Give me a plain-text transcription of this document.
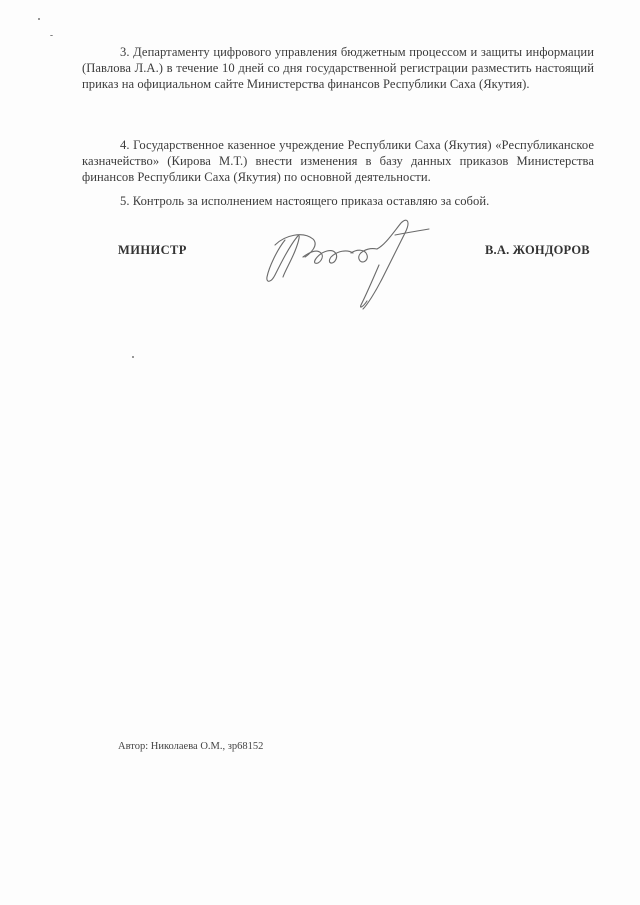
3. Департаменту цифрового управления бюджетным процессом и защиты информации (Павлова Л.А.) в течение 10 дней со дня государственной регистрации разместить настоящий приказ на официальном сайте Министерства финансов Республики Саха (Якутия).
4. Государственное казенное учреждение Республики Саха (Якутия) «Республиканское казначейство» (Кирова М.Т.) внести изменения в базу данных приказов Министерства финансов Республики Саха (Якутия) по основной деятельности.
5. Контроль за исполнением настоящего приказа оставляю за собой.
МИНИСТР	В.А. ЖОНДОРОВ
Автор: Николаева О.М., зр68152
